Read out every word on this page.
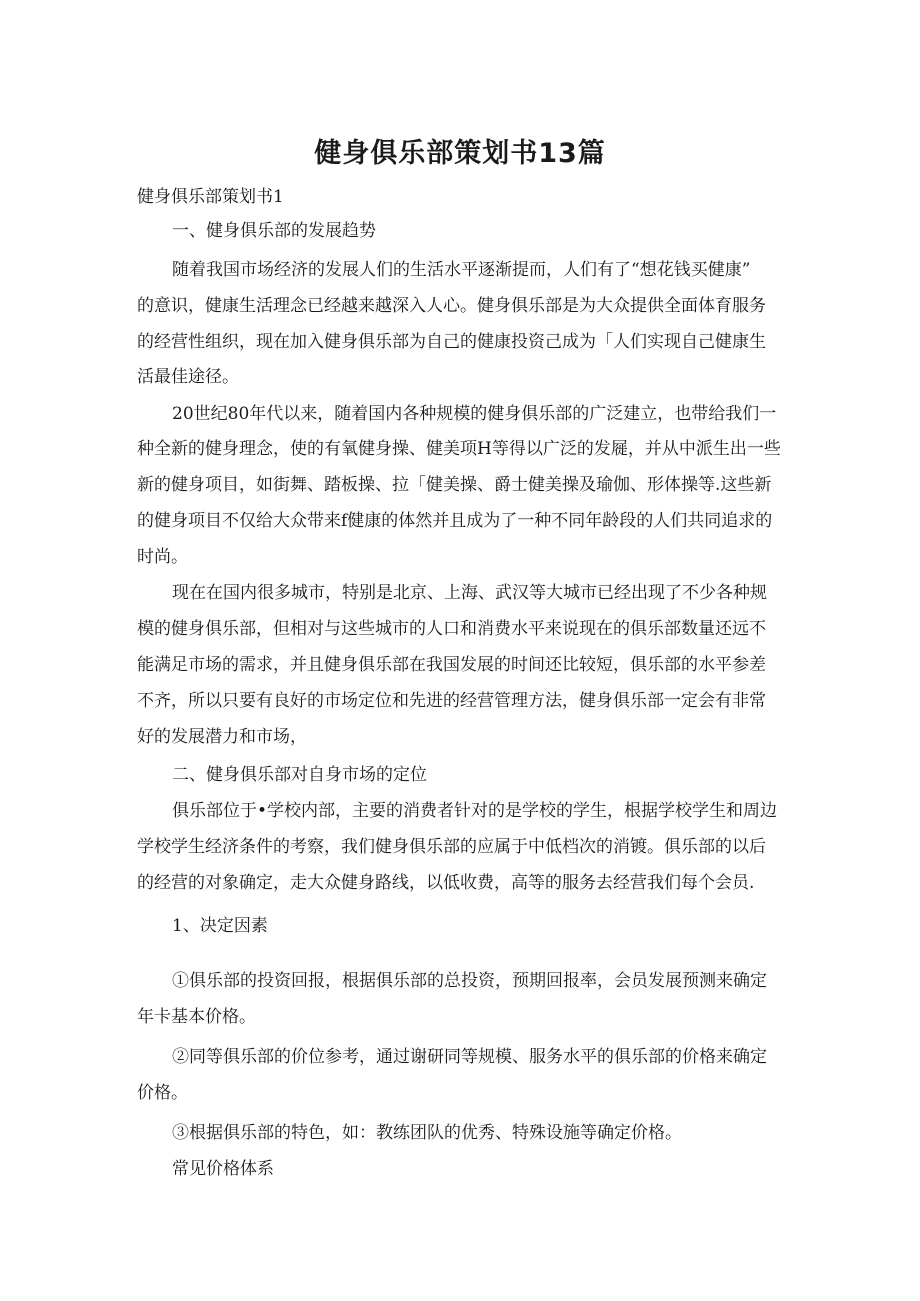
健身俱乐部策划书13篇

健身俱乐部策划书1

一、健身俱乐部的发展趋势

随着我国市场经济的发展人们的生活水平逐渐提而，人们有了“想花钱买健康”

的意识，健康生活理念已经越来越深入人心。健身俱乐部是为大众提供全面体育服务

的经营性组织，现在加入健身俱乐部为自己的健康投资己成为「人们实现自己健康生

活最佳途径。

20世纪80年代以来，随着国内各种规模的健身俱乐部的广泛建立，也带给我们一

种全新的健身理念，使的有氧健身操、健美项H等得以广泛的发屣，并从中派生出一些

新的健身项目，如街舞、踏板操、拉「健美操、爵士健美操及瑜伽、形体操等.这些新

的健身项目不仅给大众带来f健康的体然并且成为了一种不同年龄段的人们共同追求的

时尚。

现在在国内很多城市，特别是北京、上海、武汉等大城市已经出现了不少各种规

模的健身俱乐部，但相对与这些城市的人口和消费水平来说现在的俱乐部数量还远不

能满足市场的需求，并且健身俱乐部在我国发展的时间还比较短，俱乐部的水平参差

不齐，所以只要有良好的市场定位和先进的经营管理方法，健身俱乐部一定会有非常

好的发展潜力和市场，

二、健身俱乐部对自身市场的定位

俱乐部位于•学校内部，主要的消费者针对的是学校的学生，根据学校学生和周边

学校学生经济条件的考察，我们健身俱乐部的应属于中低档次的消镀。俱乐部的以后

的经营的对象确定，走大众健身路线，以低收费，高等的服务去经营我们每个会员.

1、决定因素

①俱乐部的投资回报，根据俱乐部的总投资，预期回报率，会员发展预测来确定

年卡基本价格。

②同等俱乐部的价位参考，通过谢研同等规模、服务水平的俱乐部的价格来确定

价格。

③根据俱乐部的特色，如：教练团队的优秀、特殊设施等确定价格。

常见价格体系
